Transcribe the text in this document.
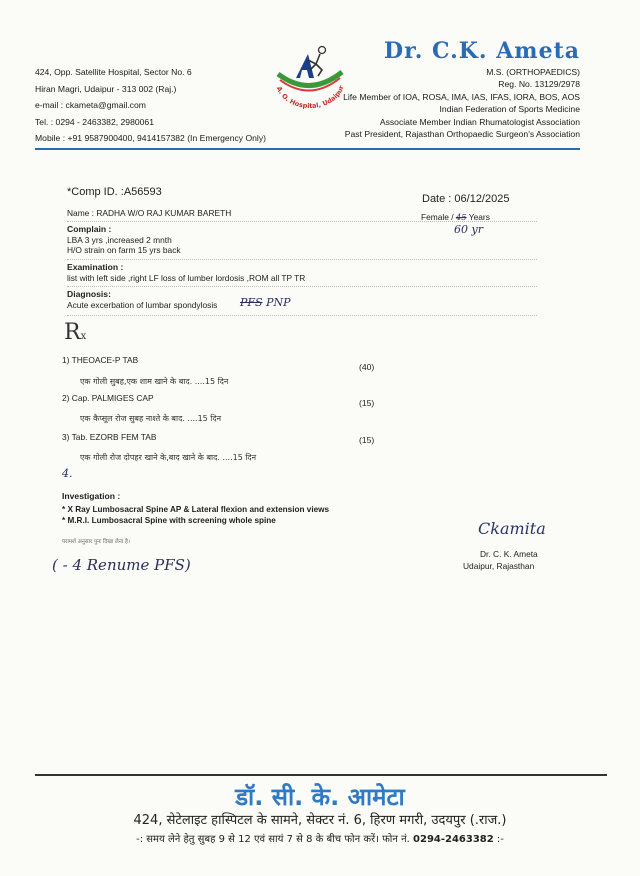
424, Opp. Satellite Hospital, Sector No. 6
Hiran Magri, Udaipur - 313 002 (Raj.)
e-mail : ckameta@gmail.com
Tel. : 0294 - 2463382, 2980061
Mobile : +91 9587900400, 9414157382 (In Emergency Only)
A. O. Hospital, Udaipur
Dr. C.K. Ameta
M.S. (ORTHOPAEDICS)
Reg. No. 13129/2978
Life Member of IOA, ROSA, IMA, IAS, IFAS, IORA, BOS, AOS
Indian Federation of Sports Medicine
Associate Member Indian Rhumatologist Association
Past President, Rajasthan Orthopaedic Surgeon's Association
*Comp ID. :A56593
Date : 06/12/2025
Name : RADHA W/O RAJ KUMAR BARETH	Female / 45 Years
60 yr
Complain :
LBA 3 yrs ,increased 2 mnth
H/O strain on farm 15 yrs back
Examination :
list with left side ,right LF loss of lumber lordosis ,ROM all TP TR
Diagnosis:
Acute excerbation of lumbar spondylosis PFS PNP
Rx
1) THEOACE-P TAB
(40)
एक गोली सुबह,एक शाम खाने के बाद. ....15 दिन
2) Cap. PALMIGES CAP	(15)
एक कैप्सूल रोज सुबह नाश्ते के बाद. ....15 दिन
3) Tab. EZORB FEM TAB	(15)
एक गोली रोज दोपहर खाने के,बाद खाने के बाद. ....15 दिन
4.
Investigation :
* X Ray Lumbosacral Spine AP & Lateral flexion and extension views
* M.R.I. Lumbosacral Spine with screening whole spine
परामर्श अनुसार पुनः दिखा लेना है।
( - 4 Renume PFS)
Ckamita
Dr. C. K. Ameta
Udaipur, Rajasthan
डॉ. सी. के. आमेटा
424, सेटेलाइट हास्पिटल के सामने, सेक्टर नं. 6, हिरण मगरी, उदयपुर (.राज.)
-: समय लेने हेतु सुबह 9 से 12 एवं सायं 7 से 8 के बीच फोन करें। फोन नं. 0294-2463382 :-
